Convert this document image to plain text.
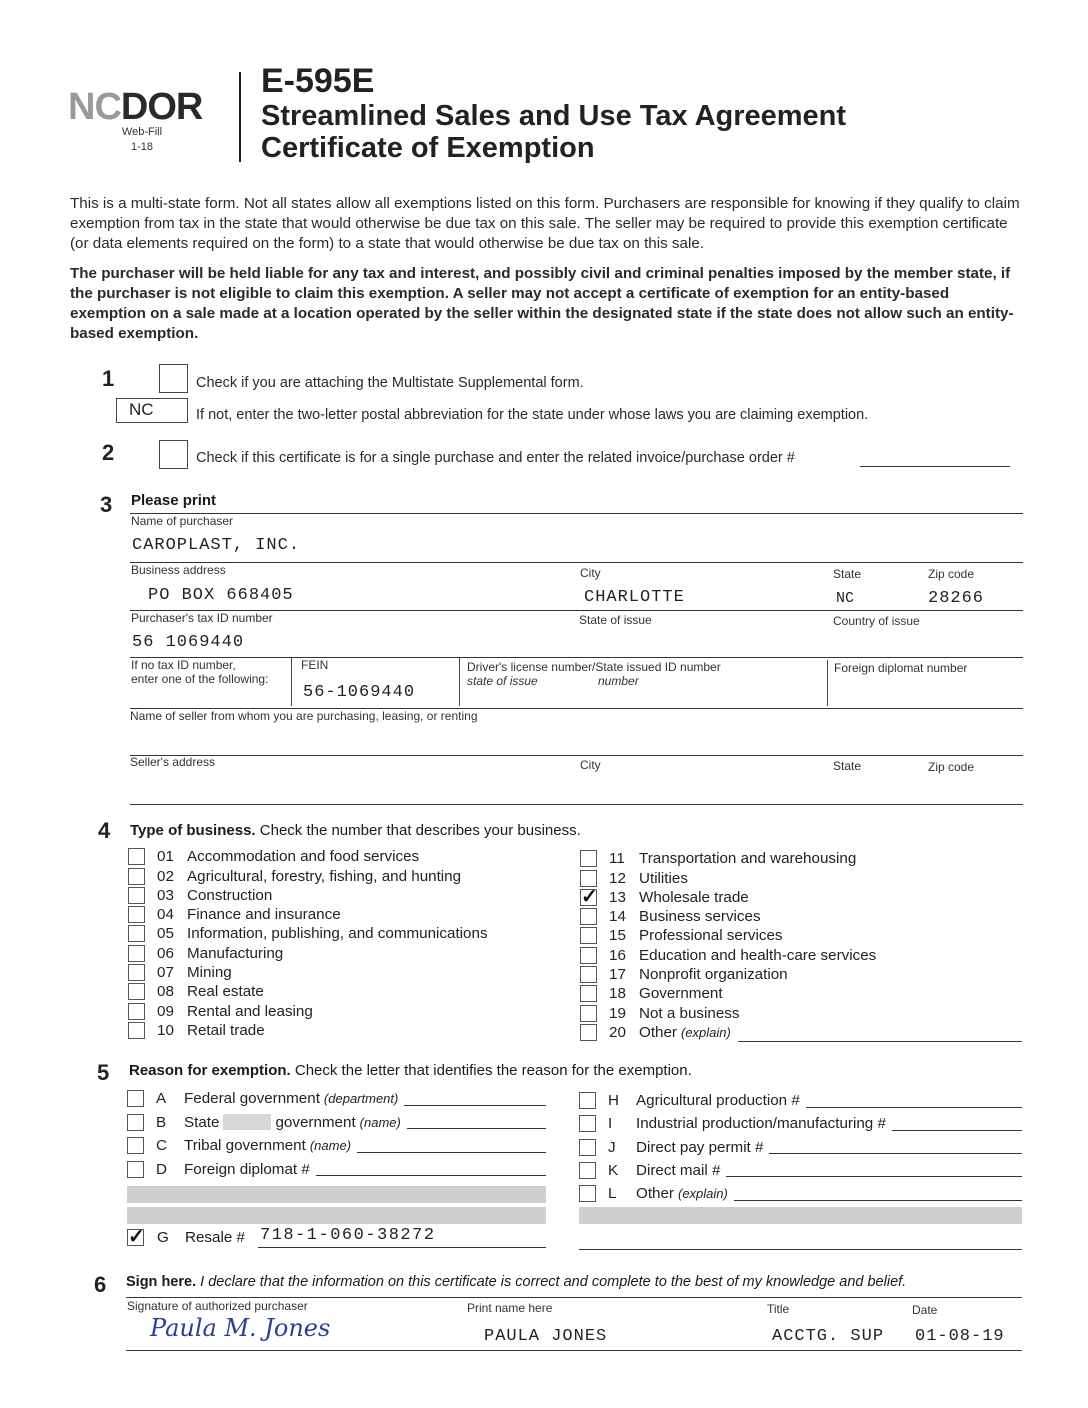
NCDOR
Web-Fill
1-18
E-595E
Streamlined Sales and Use Tax Agreement
Certificate of Exemption
This is a multi-state form. Not all states allow all exemptions listed on this form. Purchasers are responsible for knowing if they qualify to claim exemption from tax in the state that would otherwise be due tax on this sale. The seller may be required to provide this exemption certificate (or data elements required on the form) to a state that would otherwise be due tax on this sale.
The purchaser will be held liable for any tax and interest, and possibly civil and criminal penalties imposed by the member state, if the purchaser is not eligible to claim this exemption. A seller may not accept a certificate of exemption for an entity-based exemption on a sale made at a location operated by the seller within the designated state if the state does not allow such an entity-based exemption.
1	Check if you are attaching the Multistate Supplemental form.
NC	If not, enter the two-letter postal abbreviation for the state under whose laws you are claiming exemption.
2	Check if this certificate is for a single purchase and enter the related invoice/purchase order #
3 Please print
Name of purchaser
CAROPLAST, INC.
Business address	City	State	Zip code
PO BOX 668405	CHARLOTTE	NC	28266
Purchaser's tax ID number	State of issue	Country of issue
56 1069440
If no tax ID number,
enter one of the following:
FEIN
56-1069440
Driver's license number/State issued ID number
state of issue	number
Foreign diplomat number
Name of seller from whom you are purchasing, leasing, or renting
Seller's address	City	State	Zip code
4 Type of business. Check the number that describes your business.
01 Accommodation and food services
02 Agricultural, forestry, fishing, and hunting
03 Construction
04 Finance and insurance
05 Information, publishing, and communications
06 Manufacturing
07 Mining
08 Real estate
09 Rental and leasing
10 Retail trade
11 Transportation and warehousing
12 Utilities
✓
13 Wholesale trade
14 Business services
15 Professional services
16 Education and health-care services
17 Nonprofit organization
18 Government
19 Not a business
20 Other (explain)
5 Reason for exemption. Check the letter that identifies the reason for the exemption.
A	Federal government (department)
B	State	government (name)
C	Tribal government (name)
D	Foreign diplomat #
H	Agricultural production #
I	Industrial production/manufacturing #
J	Direct pay permit #
K	Direct mail #
L	Other (explain)
✓
G	Resale # 718-1-060-38272
6 Sign here. I declare that the information on this certificate is correct and complete to the best of my knowledge and belief.
Signature of authorized purchaser	Print name here	Title	Date
Paula M. Jones	PAULA JONES	ACCTG. SUP 01-08-19
